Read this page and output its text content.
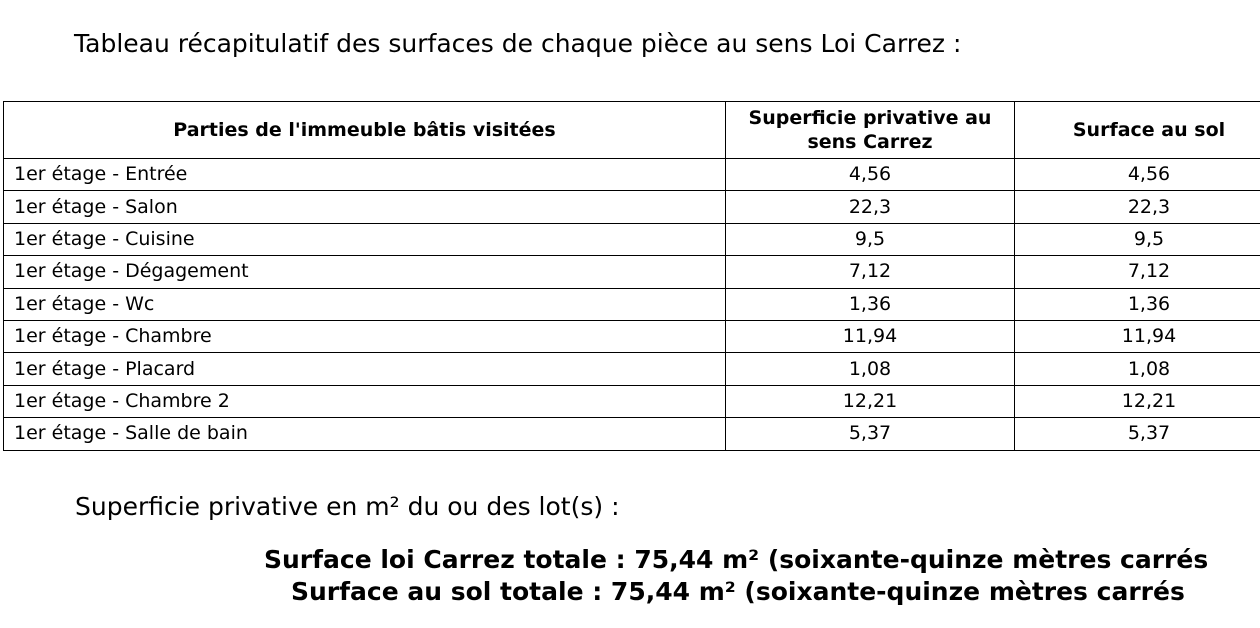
Tableau récapitulatif des surfaces de chaque pièce au sens Loi Carrez :
Parties de l'immeuble bâtis visitées	Superficie privative au sens Carrez	Surface au sol
1er étage - Entrée	4,56	4,56
1er étage - Salon	22,3	22,3
1er étage - Cuisine	9,5	9,5
1er étage - Dégagement	7,12	7,12
1er étage - Wc	1,36	1,36
1er étage - Chambre	11,94	11,94
1er étage - Placard	1,08	1,08
1er étage - Chambre 2	12,21	12,21
1er étage - Salle de bain	5,37	5,37
Superficie privative en m² du ou des lot(s) :
Surface loi Carrez totale : 75,44 m² (soixante-quinze mètres carrés
Surface au sol totale : 75,44 m² (soixante-quinze mètres carrés
